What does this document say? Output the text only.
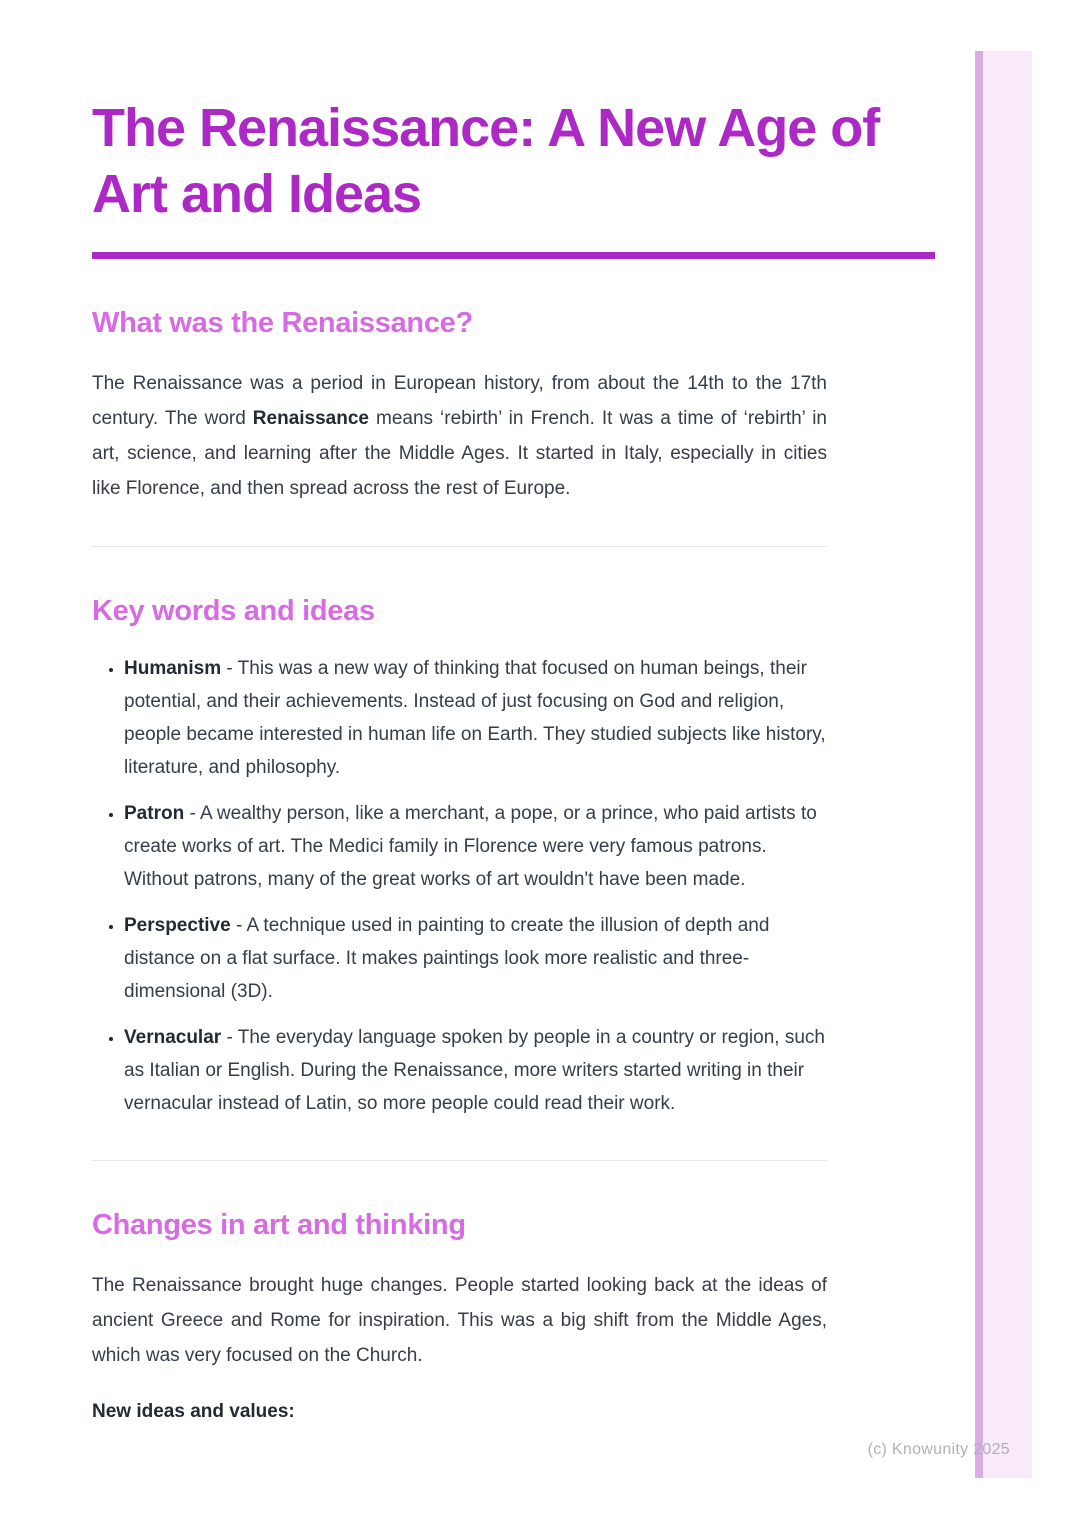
The Renaissance: A New Age of Art and Ideas
What was the Renaissance?

The Renaissance was a period in European history, from about the 14th to the 17th century. The word Renaissance means ‘rebirth’ in French. It was a time of ‘rebirth’ in art, science, and learning after the Middle Ages. It started in Italy, especially in cities like Florence, and then spread across the rest of Europe.

Key words and ideas
• Humanism - This was a new way of thinking that focused on human beings, their potential, and their achievements. Instead of just focusing on God and religion, people became interested in human life on Earth. They studied subjects like history, literature, and philosophy.
• Patron - A wealthy person, like a merchant, a pope, or a prince, who paid artists to create works of art. The Medici family in Florence were very famous patrons. Without patrons, many of the great works of art wouldn't have been made.
• Perspective - A technique used in painting to create the illusion of depth and distance on a flat surface. It makes paintings look more realistic and three-dimensional (3D).
• Vernacular - The everyday language spoken by people in a country or region, such as Italian or English. During the Renaissance, more writers started writing in their vernacular instead of Latin, so more people could read their work.
Changes in art and thinking

The Renaissance brought huge changes. People started looking back at the ideas of ancient Greece and Rome for inspiration. This was a big shift from the Middle Ages, which was very focused on the Church.

New ideas and values:

(c) Knowunity 2025
